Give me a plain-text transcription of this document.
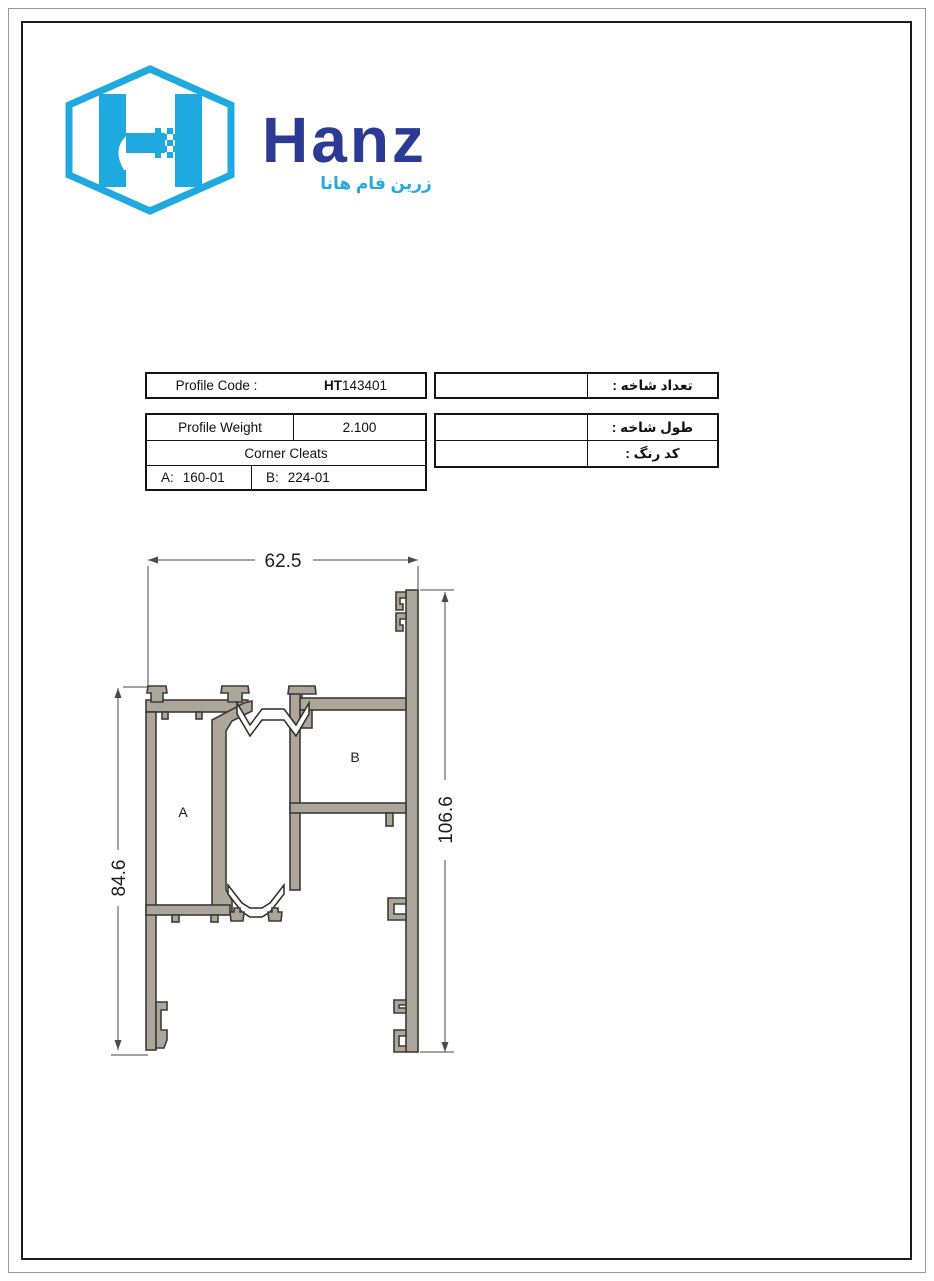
Hanz
زرین فام هانا
Profile Code :	HT 143401
Profile Weight	2.100
Corner Cleats
A: 160-01	B: 224-01
تعداد شاخه :
طول شاخه :
کد رنگ :
62.5
106.6
84.6
A
B
